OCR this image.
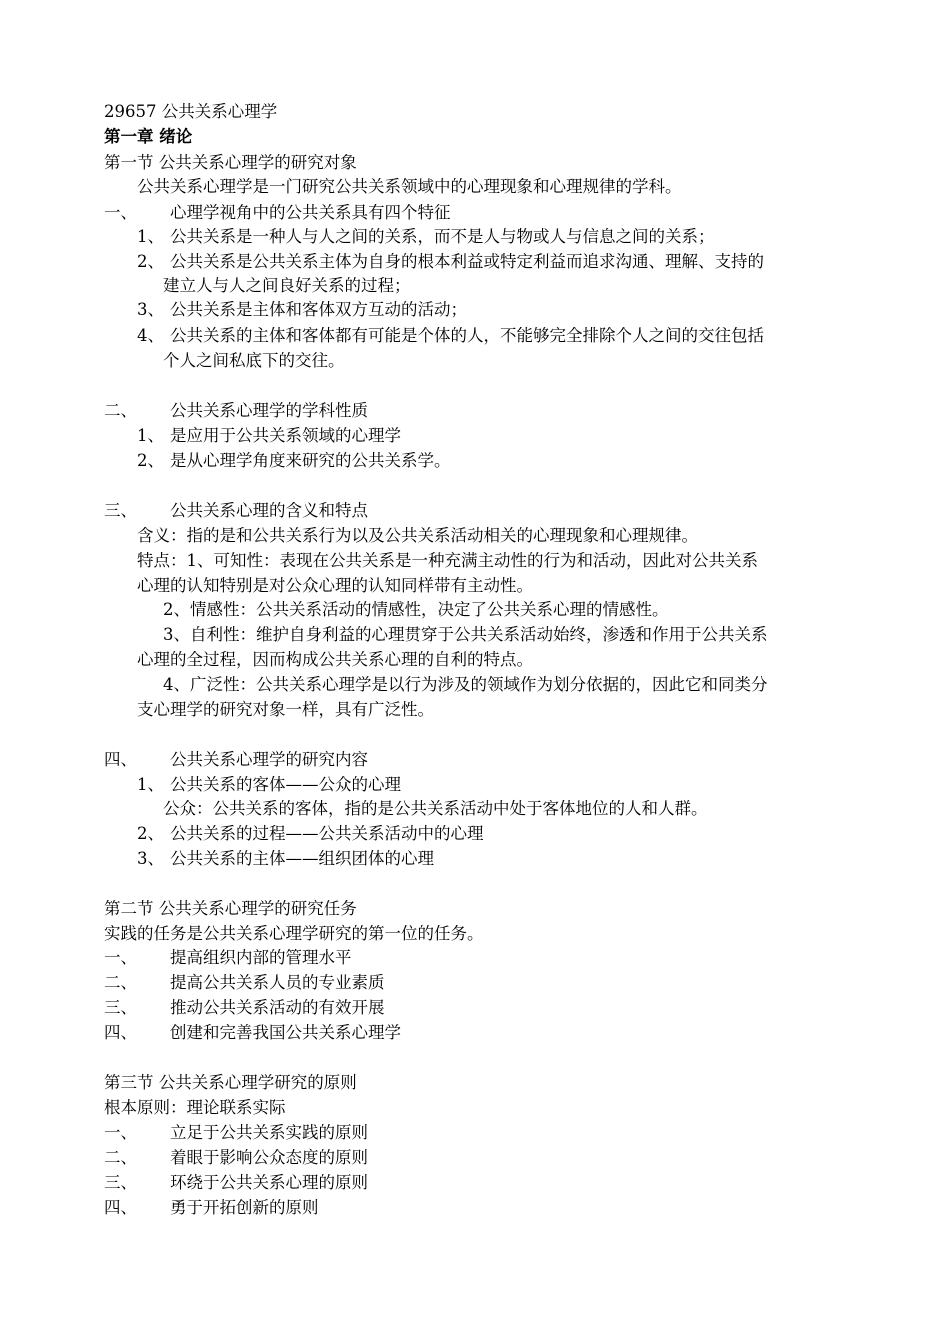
29657 公共关系心理学
第一章 绪论
第一节 公共关系心理学的研究对象
公共关系心理学是一门研究公共关系领域中的心理现象和心理规律的学科。
一、 心理学视角中的公共关系具有四个特征
1、 公共关系是一种人与人之间的关系，而不是人与物或人与信息之间的关系；
2、 公共关系是公共关系主体为自身的根本利益或特定利益而追求沟通、理解、支持的
建立人与人之间良好关系的过程；
3、 公共关系是主体和客体双方互动的活动；
4、 公共关系的主体和客体都有可能是个体的人，不能够完全排除个人之间的交往包括
个人之间私底下的交往。
二、 公共关系心理学的学科性质
1、 是应用于公共关系领域的心理学
2、 是从心理学角度来研究的公共关系学。
三、 公共关系心理的含义和特点
含义：指的是和公共关系行为以及公共关系活动相关的心理现象和心理规律。
特点：1、可知性：表现在公共关系是一种充满主动性的行为和活动，因此对公共关系
心理的认知特别是对公众心理的认知同样带有主动性。
2、情感性：公共关系活动的情感性，决定了公共关系心理的情感性。
3、自利性：维护自身利益的心理贯穿于公共关系活动始终，渗透和作用于公共关系
心理的全过程，因而构成公共关系心理的自利的特点。
4、广泛性：公共关系心理学是以行为涉及的领域作为划分依据的，因此它和同类分
支心理学的研究对象一样，具有广泛性。
四、 公共关系心理学的研究内容
1、 公共关系的客体——公众的心理
公众：公共关系的客体，指的是公共关系活动中处于客体地位的人和人群。
2、 公共关系的过程——公共关系活动中的心理
3、 公共关系的主体——组织团体的心理
第二节 公共关系心理学的研究任务
实践的任务是公共关系心理学研究的第一位的任务。
一、 提高组织内部的管理水平
二、 提高公共关系人员的专业素质
三、 推动公共关系活动的有效开展
四、 创建和完善我国公共关系心理学
第三节 公共关系心理学研究的原则
根本原则：理论联系实际
一、 立足于公共关系实践的原则
二、 着眼于影响公众态度的原则
三、 环绕于公共关系心理的原则
四、 勇于开拓创新的原则
